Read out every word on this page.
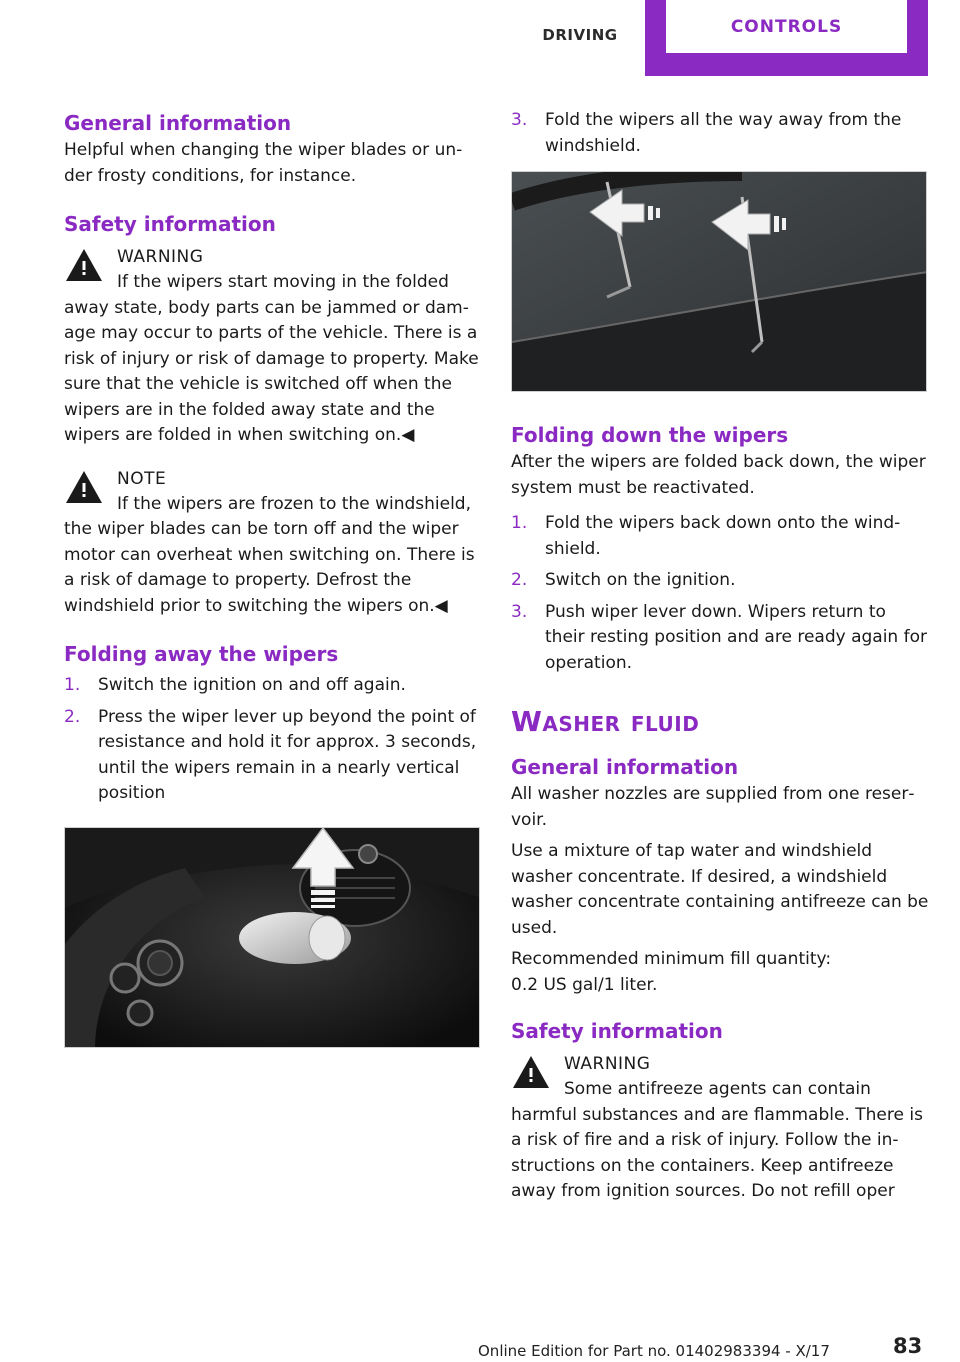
DRIVING	CONTROLS
General information

Helpful when changing the wiper blades or under frosty conditions, for instance.

Safety information
WARNING

If the wipers start moving in the folded

away state, body parts can be jammed or damage may occur to parts of the vehicle. There is a risk of injury or risk of damage to property. Make sure that the vehicle is switched off when the wipers are in the folded away state and the wipers are folded in when switching on.◀

NOTE

If the wipers are frozen to the windshield,

the wiper blades can be torn off and the wiper motor can overheat when switching on. There is a risk of damage to property. Defrost the windshield prior to switching the wipers on.◀

Folding away the wipers
1.	Switch the ignition on and off again.
2.	Press the wiper lever up beyond the point of resistance and hold it for approx. 3 seconds, until the wipers remain in a nearly vertical position
3.	Fold the wipers all the way away from the windshield.
Folding down the wipers

After the wipers are folded back down, the wiper system must be reactivated.

1.	Fold the wipers back down onto the windshield.
2.	Switch on the ignition.
3.	Push wiper lever down. Wipers return to their resting position and are ready again for operation.
Washer fluid
General information

All washer nozzles are supplied from one reservoir.

Use a mixture of tap water and windshield washer concentrate. If desired, a windshield washer concentrate containing antifreeze can be used.

Recommended minimum fill quantity:

0.2 US gal/1 liter.

Safety information
WARNING

Some antifreeze agents can contain

harmful substances and are flammable. There is a risk of fire and a risk of injury. Follow the instructions on the containers. Keep antifreeze away from ignition sources. Do not refill oper

Online Edition for Part no. 01402983394 - X/17	83
